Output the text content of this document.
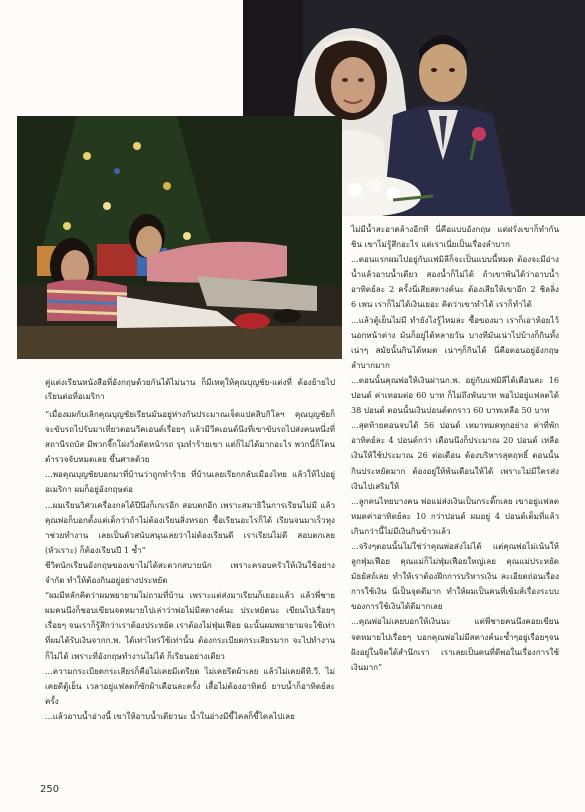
คู่แต่งเรียนหนังสือที่อังกฤษด้วยกันได้ไม่นาน ก็มีเหตุให้คุณบุญชัย-แต่งที่ ต้องย้ายไปเรียนต่อที่อเมริกา

“เมื่องมผกับเลิกคุณบุญชัยเรียนมันอยู่ห่างกันประมาณเจ็ดแปดสิบกิโลฯ คุณบุญชัยก็จะขับรถไปรับมาเที่ยวตอนวีคเอนด์เรื่อยๆ แล้วมีวีคเอนด์นึงที่เขาขับรถไปส่งคนหนึ่งที่สถานีรถบัส มีพวกจี๊กโผ่งวิ่งตัดหน้ารถ รุมทำร้ายเขา แต่ก็ไม่ได้มากอะไร พวกนี้ก็โดนตำรวจจับหมดเลย ขึ้นศาลด้วย

...พอคุณบุญชัยบอกมาที่บ้านว่าถูกทำร้าย ที่บ้านเลยเรียกกลับเมืองไทย แล้วให้ไปอยู่อเมริกา ผมก็อยู่อังกฤษต่อ

...ผมเรียนวิศวเครื่องกลได้ปีนึงก็เกเรอีก สอบตกอีก เพราะสมาธิในการเรียนไม่มี แล้วคุณพ่อก็บอกตั้งแต่เด็กว่าถ้าไม่ต้องเรียนสิ่งหรอก ซื้อเรียนอะไรก็ได้ เรียนจนมาเร็วหุงาช่วยทำงาน เลยเป็นตัวสนับสนุนเลยว่าไม่ต้องเรียนดี เราเรียนไม่ดี สอบตกเลย (หัวเราะ) ก็ต้องเรียนปี 1 ซ้ำ”

ชีวิตนักเรียนอังกฤษของเขาไม่ได้สะดวกสบายนัก เพราะครอบครัวให้เงินใช้อย่างจำกัด ทำให้ต้องกินอยู่อย่างประหยัด

“ผมมีหลักคิดว่าผมพยายามไม่ถามที่บ้าน เพราะแต่ส่งมาเรียนก็เยอะแล้ว แล้วพี่ชายผมคนนึงก็ชอบเขียนจดหมายไปเล่าว่าพ่อไม่มีสตางค์นะ ประหยัดนะ เขียนไปเรื่อยๆ เรื่อยๆ จนเราก็รู้สึกว่าเราต้องประหยัด เราต้องไม่ฟุ่มเฟือย ฉะนั้นผมพยายามจะใช้เท่าที่ผมได้รับเงินจากก.พ. ได้เท่าไหร่ใช้เท่านั้น ต้องกระเบียดกระเสียรมาก จะไปทำงานก็ไม่ได้ เพราะที่อังกฤษทำงานไม่ได้ ก็เรียนอย่างเดียว

...ความกระเบียดกระเสียรก็คือไม่เคยมีเตรียด ไม่เคยรีดผ้าเลย แล้วไม่เคยดีที.วี. ไม่เคยดีตู้เย็น เวลาอยู่แฟลตก็ซักผ้าเดือนละครั้ง เสื้อไม่ต้องอาทิตย์ ยาบน้ำก็อาทิตย์ละครั้ง

...แล้วอาบน้ำอ่างนี้ เขาให้อาบน้ำเดียวนะ น้ำในอ่างมีขี้ไคลก็ขี้ไคลไปเลย

ไม่มีน้ำสะอาดล้างอีกที นี่คือแบบอังกฤษ แต่ฝรั่งเขาก็ทำกันชิน เขาไม่รู้สึกอะไร แต่เราเนี่ยเป็นเรื่องลำบาก

...ตอนแรกผมไปอยู่กับแฟมิลีก็จะเป็นแบบนี้หมด ต้องจะมีอ่างน้ำแล้วอาบน้ำเดียว สองน้ำก็ไม่ได้ ถ้าเขาพันได้ว่าอาบน้ำอาทิตย์ละ 2 ครั้งนี่เสียสตางค์นะ ต้องเสียให้เขาอีก 2 ชิลลิ่ง 6 เพน เราก็ไม่ได้เงินเยอะ คิดว่าเขาทำได้ เราก็ทำได้

...แล้วตู้เย็นไม่มี ทำยังไงรู้ไหมละ ซื้อของมา เราก็เอาห้อยไว้นอกหน้าต่าง มันก็อยู่ได้หลายวัน บางทีมันเน่าไปบ้างก็กินทั้งเน่าๆ สมัยนั้นกินได้หมด เน่าๆก็กินได้ นี่คือตอนอยู่อังกฤษ ลำบากมาก

...ตอนนั้นคุณพ่อให้เงินผ่านก.พ. อยู่กับแฟมิลีได้เดือนละ 16 ปอนด์ ค่าเทอมต่อ 60 บาท ก็ไม่ถึงพันบาท พอไปอยู่แฟลตได้ 38 ปอนด์ ตอนนั้นเงินปอนด์ตกราว 60 บาทเหลือ 50 บาท

...สุดท้ายตอนจบได้ 56 ปอนด์ เหมาทมดทุกอย่าง ค่าที่พักอาทิตย์ละ 4 ปอนด์กว่า เดือนนึงก็ประมาณ 20 ปอนด์ เหลือเงินให้ใช้ประมาณ 26 ต่อเดือน ต้องบริหารสุดฤทธิ์ ตอนนั้นกินประหยัดมาก ต้องอยู่ให้พ้นเดือนให้ได้ เพราะไม่มีใครส่งเงินไปเสริมให้

...ลูกคนไทยบางคน พ่อแม่ส่งเงินเป็นกระติ๊กเลย เขาอยู่แฟลตหมดค่าอาทิตย์ละ 10 กว่าปอนด์ ผมอยู่ 4 ปอนด์เต็มที่แล้ว เกินกว่านี้ไม่มีเงินกินข้าวแล้ว

...จริงๆตอนนั้นไม่ใช่ว่าคุณพ่อส่งไม่ได้ แต่คุณพ่อไม่เน้นให้ลูกฟุ่มเฟือย คุณแม่ก็ไม่ฟุ่มเฟือยใหญ่เลย คุณแม่ประหยัดมัธยัสถ์เลย ทำให้เราต้องฝึกการบริหารเงิน ละเอียดถ่อนเรื่องการใช้เงิน นี่เป็นจุดดีมาก ทำให้ผมเป็นคนที่เข้มส์เรื่องระบบของการใช้เงินได้ดีมากเลย

...คุณพ่อไม่เคยบอกให้เงินนะ แต่พี่ชายคนนึงคอยเขียนจดหมายไปเรื่อยๆ บอกคุณพ่อไม่มีสตางค์นะซ้ำๆอยู่เรื่อยๆจนฝังอยู่ในจิตใต้สำนึกเรา เราเลยเป็นคนที่ดีพอในเรื่องการใช้เงินมาก”

250
